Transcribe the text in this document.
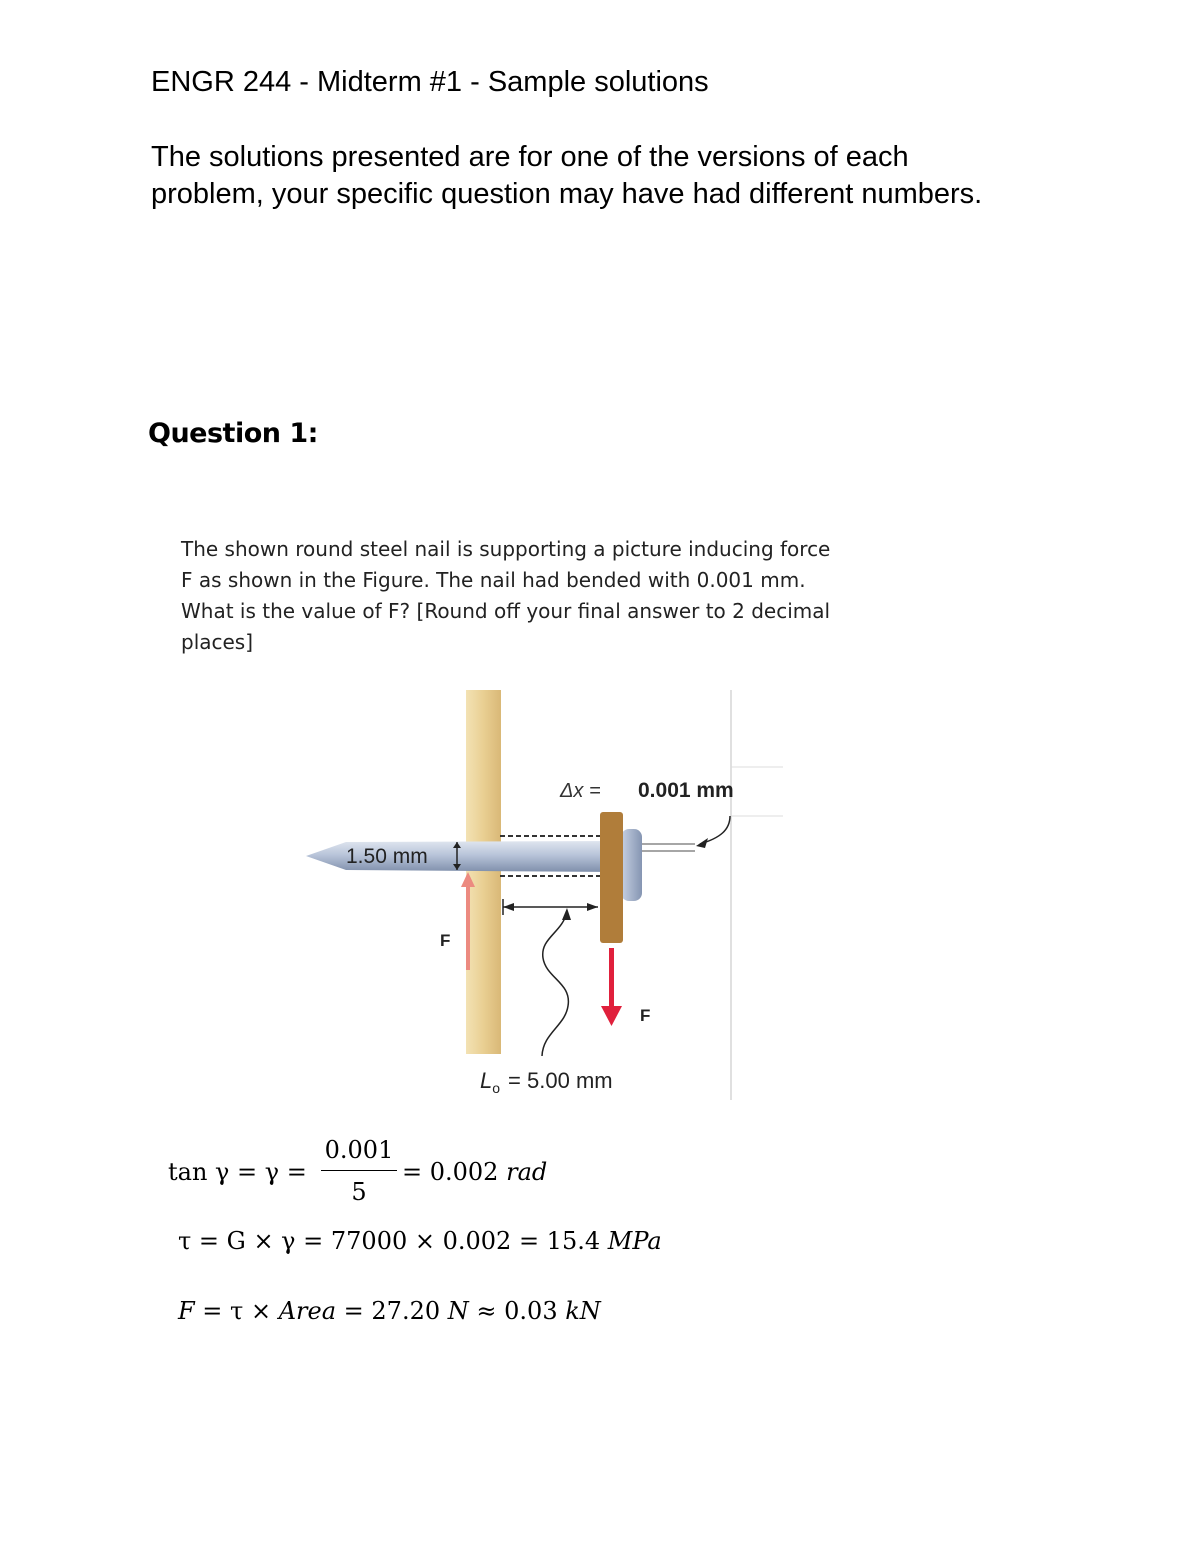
ENGR 244 - Midterm #1 - Sample solutions

The solutions presented are for one of the versions of each

problem, your specific question may have had different numbers.

Question 1:

The shown round steel nail is supporting a picture inducing force

F as shown in the Figure. The nail had bended with 0.001 mm.

What is the value of F? [Round off your final answer to 2 decimal

places]

Δx = 0.001 mm
1.50 mm
F
F
$L_o = 5.00$ mm
tan γ = γ =
0.001
5
= 0.002 rad
τ = G × γ = 77000 × 0.002 = 15.4 MPa
F = τ × Area = 27.20 N ≈ 0.03 kN
